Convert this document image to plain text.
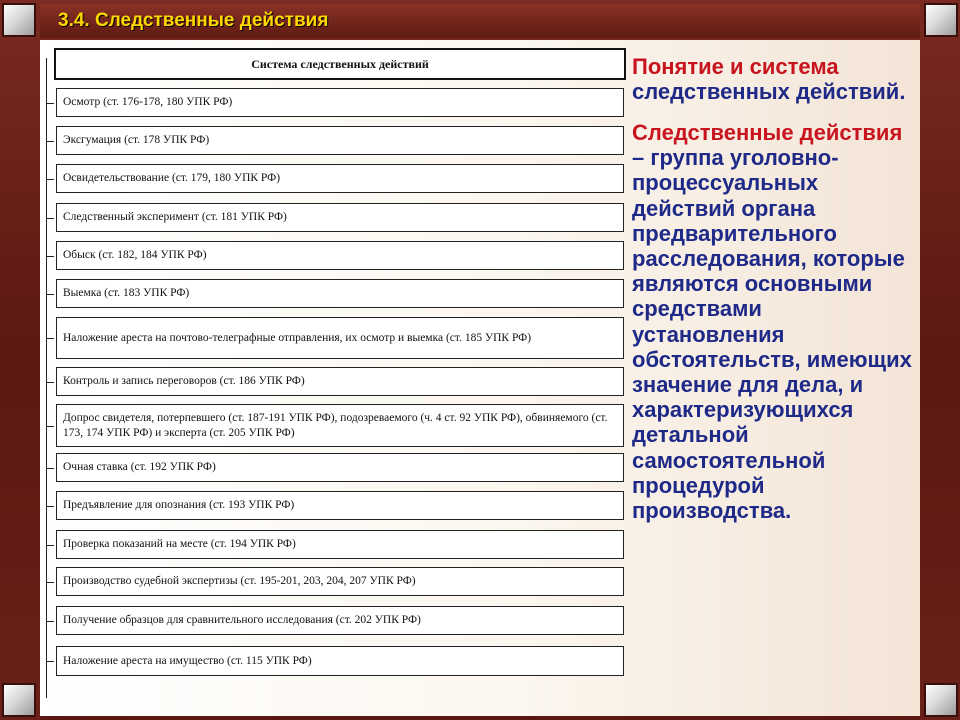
3.4. Следственные действия
Система следственных действий
Осмотр (ст. 176-178, 180 УПК РФ)
Эксгумация (ст. 178 УПК РФ)
Освидетельствование (ст. 179, 180 УПК РФ)
Следственный эксперимент (ст. 181 УПК РФ)
Обыск (ст. 182, 184 УПК РФ)
Выемка (ст. 183 УПК РФ)
Наложение ареста на почтово-телеграфные отправления, их осмотр и выемка (ст. 185 УПК РФ)
Контроль и запись переговоров (ст. 186 УПК РФ)
Допрос свидетеля, потерпевшего (ст. 187-191 УПК РФ), подозреваемого (ч. 4 ст. 92 УПК РФ), обвиняемого (ст. 173, 174 УПК РФ) и эксперта (ст. 205 УПК РФ)
Очная ставка (ст. 192 УПК РФ)
Предъявление для опознания (ст. 193 УПК РФ)
Проверка показаний на месте (ст. 194 УПК РФ)
Производство судебной экспертизы (ст. 195-201, 203, 204, 207 УПК РФ)
Получение образцов для сравнительного исследования (ст. 202 УПК РФ)
Наложение ареста на имущество (ст. 115 УПК РФ)

Понятие и система следственных действий.

Следственные действия – группа уголовно-процессуальных действий органа предварительного расследования, которые являются основными средствами установления обстоятельств, имеющих значение для дела, и характеризующихся детальной самостоятельной процедурой производства.
